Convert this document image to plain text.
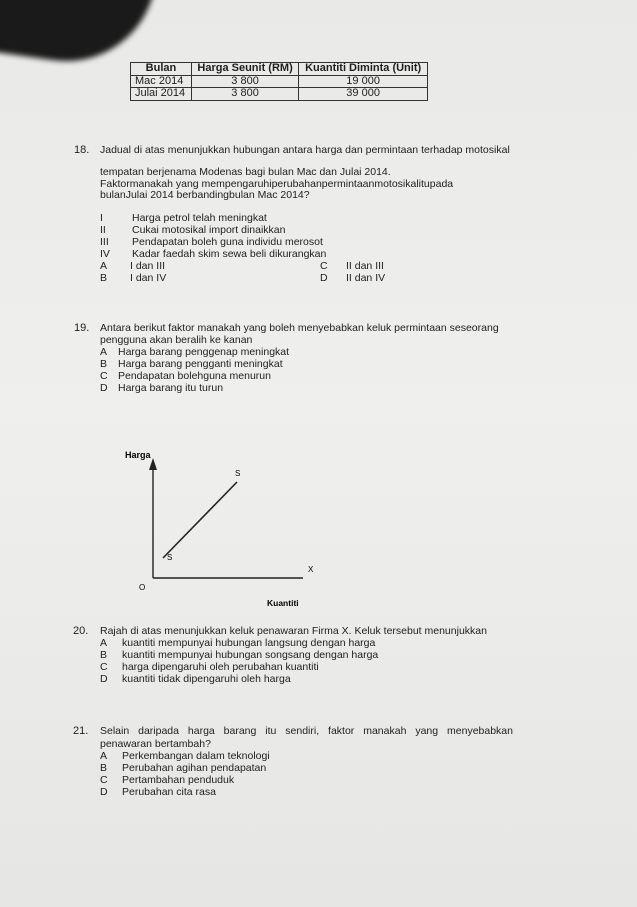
Bulan	Harga Seunit (RM)	Kuantiti Diminta (Unit)
Mac 2014	3 800	19 000
Julai 2014	3 800	39 000
18. Jadual di atas menunjukkan hubungan antara harga dan permintaan terhadap motosikal
tempatan berjenama Modenas bagi bulan Mac dan Julai 2014.
Faktormanakah yang mempengaruhiperubahanpermintaanmotosikalitupada
bulanJulai 2014 berbandingbulan Mac 2014?
I	Harga petrol telah meningkat
II Cukai motosikal import dinaikkan
III Pendapatan boleh guna individu merosot
IV Kadar faedah skim sewa beli dikurangkan
A I dan III
B I dan IV
C II dan III
D II dan IV
19. Antara berikut faktor manakah yang boleh menyebabkan keluk permintaan seseorang
pengguna akan beralih ke kanan
A Harga barang penggenap meningkat
B Harga barang pengganti meningkat
C Pendapatan bolehguna menurun
D Harga barang itu turun
Harga
S
S
X
O
Kuantiti
20. Rajah di atas menunjukkan keluk penawaran Firma X. Keluk tersebut menunjukkan
A kuantiti mempunyai hubungan langsung dengan harga
B kuantiti mempunyai hubungan songsang dengan harga
C harga dipengaruhi oleh perubahan kuantiti
D kuantiti tidak dipengaruhi oleh harga
21. Selain daripada harga barang itu sendiri, faktor manakah yang menyebabkan
penawaran bertambah?
A Perkembangan dalam teknologi
B Perubahan agihan pendapatan
C Pertambahan penduduk
D Perubahan cita rasa
